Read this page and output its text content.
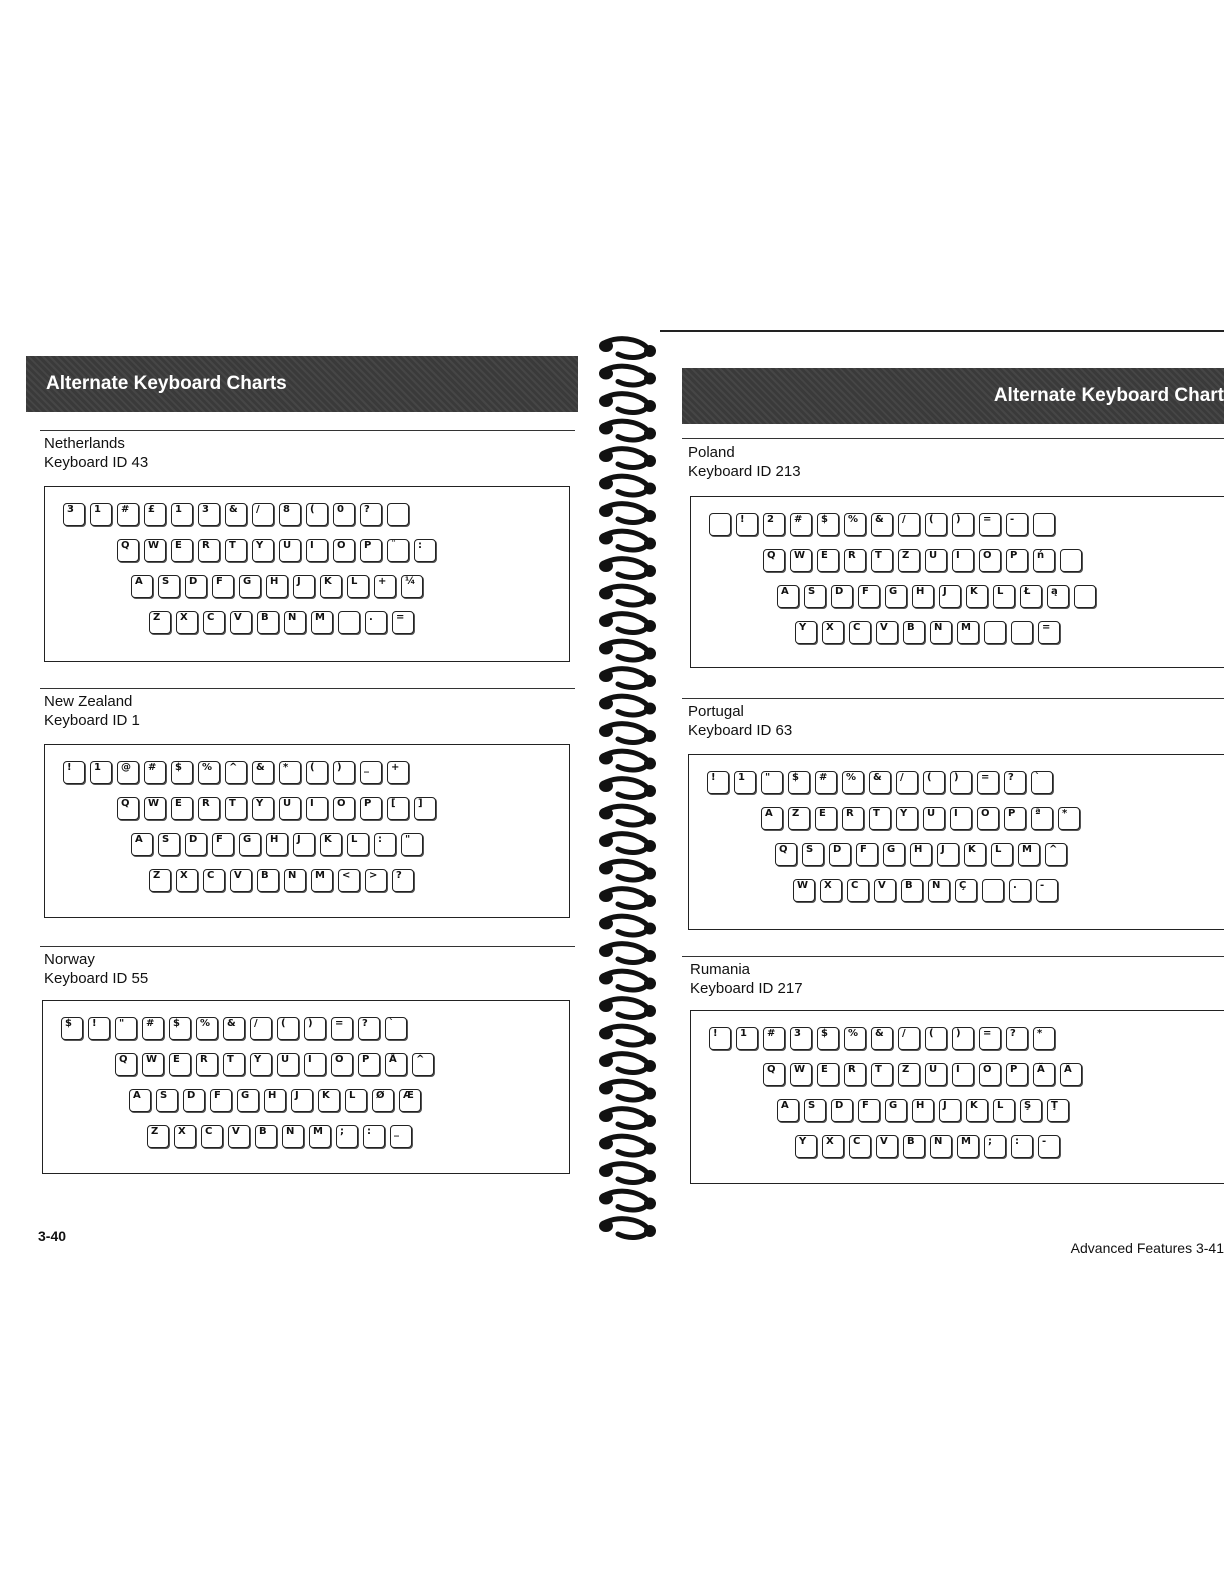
Alternate Keyboard Charts
Netherlands
Keyboard ID 43
3 1 # £ 1 3 & / 8 ( 0 ?
Q W E R T Y U I O P ¨ :
A S D F G H J K L + ¼
Z X C V B N M	. =
New Zealand
Keyboard ID 1
! 1 @ # $ % ^ & * ( ) _ +
Q W E R T Y U I O P [ ]
A S D F G H J K L : "
Z X C V B N M < > ?
Norway
Keyboard ID 55
$ ! " # $ % & / ( ) = ? `
Q W E R T Y U I O P Å ^
A S D F G H J K L Ø Æ
Z X C V B N M ; : _
3-40
Alternate Keyboard Chart
Poland
Keyboard ID 213
! 2 # $ % & / ( ) = -
Q W E R T Z U I O P ń
A S D F G H J K L Ł ą
Y X C V B N M	=
Portugal
Keyboard ID 63
! 1 " $ # % & / ( ) = ? `
A Z E R T Y U I O P ª *
Q S D F G H J K L M ^
W X C V B N Ç	. -
Rumania
Keyboard ID 217
! 1 # 3 $ % & / ( ) = ? *
Q W E R T Z U I O P Ă Â
A S D F G H J K L Ş Ţ
Y X C V B N M ; : -
Advanced Features 3-41
